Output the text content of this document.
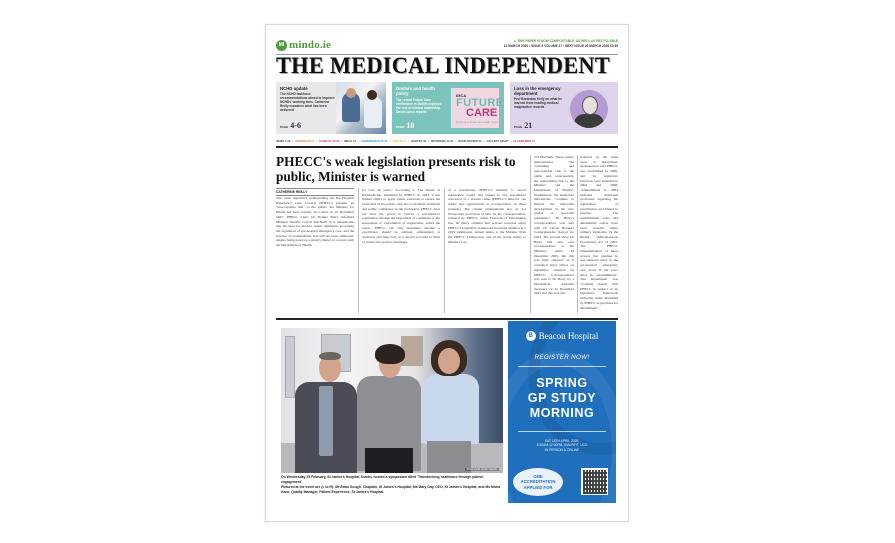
MI mindo.ie	♨ THIS PAPER IS NOW COMPOSTABLE, AS WELL AS RECYCLABLE
12 MARCH 2026 • ISSUE 5 VOLUME 17 • NEXT ISSUE 26 MARCH 2026 €5.95
THE MEDICAL INDEPENDENT
NCHD update
The NCHD taskforce recommendations aimed to improve NCHDs' working lives. Catherine Reilly examines what has been delivered
PAGE 4-6
Doctors and health policy
The recent Future Care conference in Dublin explored the role of clinical leadership. David Lynch reports
IMCA
FUTURE
CARE
Defining a doctor-led health future
PAGE 10
Loss in the emergency department
Prof Breandan Kelly on what he learned from reading medical malpractice records
PAGE 21
NEWS 4-18 • OPINION 20-21 • CLINICAL 25-30 • IMOJs 31 • CONFERENCE 32-36 • LIFE 38-41 • QUIZZES 39 • MOTORING 40-41 • BOOK REVIEW 42 • GALLERY NIGHT • CLASSIFIEDS 47
PHECC's weak legislation presents risk to public, Minister is warned
CATHERINE REILLY
The weak legislative underpinning the Pre-Hospital Emergency Care Council (PHECC) presents an "unacceptable risk" to the public, the Minister for Health has been warned. In a letter on 10 December 2025, PHECC Chair Dr Donnie Barry informed Minister Jennifer Carroll MacNeill "it is inexplicable that the need for modern robust legislation governing the regulation of pre-hospital emergency care, and the practice of paramedicine, has still not been addressed, despite being noted as a priority matter of concern with the Department of Health
for over 20 years." According to The Future of Paramedicine, published by PHECC in 2024, it has limited ability to apply robust sanctions to ensure the protection of the public, and also to maintain standards and public confidence in the profession. PHECC does not have the power to restrict a practitioner's registration through the imposition of conditions or the suspension or cancellation of registration, stated the report. PHECC can only determine whether a practitioner should be advised, admonished or censured, and must rely on a service provider to limit or restrict the practice privileges
of a practitioner. PHECC's inability to cancel registration would also extend to any practitioner convicted of a serious crime (PHECC's Director can refuse new registrations or re-registration on these grounds). The current arrangements also do not incorporate protection of title. In his correspondence, released by PHECC under Freedom of Information law, Dr Barry outlined that serious concerns about PHECC's legislative framework had been detailed in a 2019 submission, annual letters to the Minister from the PHECC Chairperson, and in his recent letters to Minister Car-
roll MacNeill. These clearly demonstrated "the continuing and unacceptable risk to the public and, consequently, the reputational risk to the Minister and the Department of Health". Furthermore, the legislative deficiencies "continue to impede the important development of the new grades of specialist paramedic". Dr Barry's correspondence was sent with Dr Cliona Boland's Comprehensive Report for 2024. The records show Dr Barry had also sent correspondence to the Minister, dated 18 December 2025, but this was fully redacted as it contained legal advice on legislative situation by PHECC. Correspondence was sent to Dr Barry by a Department Assistant Secretary on 22 December 2025 and this was also
redacted on the same basis. A Department spokesperson said PHECC was established in 2000, and its legislative functions were amended in 2004 and 2008. "Amendments to 2004 included additional provisions regarding the registration of practitioners and fitness to practise. The establishment order and amendment orders have been brought under primary legislation by the Health (Miscellaneous Provisions) Act of 2007. The PHECC implementation of these powers has resulted in non-statutory entry in the pre-hospital emergency care sector in the years since its establishment." The Department was "working closely with PHECC in respect of its legislative framework including items identified by PHECC as priorities for amendment".
Photo credit: Justin Farrelly

On Wednesday 25 February, St James's Hospital, Dublin, hosted a symposium titled 'Transforming healthcare through patient engagement'.

Pictured at the event are (L to R): Mr Brian Gough, Chaplain, St James's Hospital; Ms Mary Day, CEO, St James's Hospital; and Ms Moira Kane, Quality Manager, Patient Experience, St James's Hospital.

B Beacon Hospital
REGISTER NOW!
SPRING
GP STUDY
MORNING
SAT 18TH APRIL 2026,
8:30AM-12:30PM, SMURFIT, UCD
IN PERSON & ONLINE
CME
ACCREDITATION
APPLIED FOR
